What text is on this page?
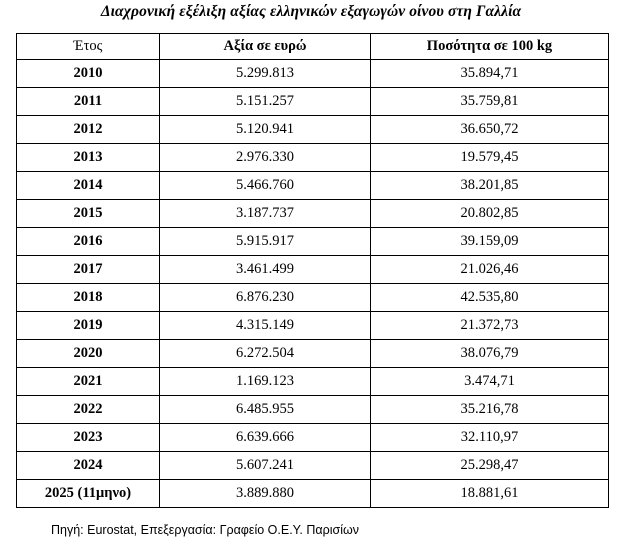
Διαχρονική εξέλιξη αξίας ελληνικών εξαγωγών οίνου στη Γαλλία
Έτος	Αξία σε ευρώ	Ποσότητα σε 100 kg
2010	5.299.813	35.894,71
2011	5.151.257	35.759,81
2012	5.120.941	36.650,72
2013	2.976.330	19.579,45
2014	5.466.760	38.201,85
2015	3.187.737	20.802,85
2016	5.915.917	39.159,09
2017	3.461.499	21.026,46
2018	6.876.230	42.535,80
2019	4.315.149	21.372,73
2020	6.272.504	38.076,79
2021	1.169.123	3.474,71
2022	6.485.955	35.216,78
2023	6.639.666	32.110,97
2024	5.607.241	25.298,47
2025 (11μηνο)	3.889.880	18.881,61
Πηγή: Eurostat, Επεξεργασία: Γραφείο Ο.Ε.Υ. Παρισίων
